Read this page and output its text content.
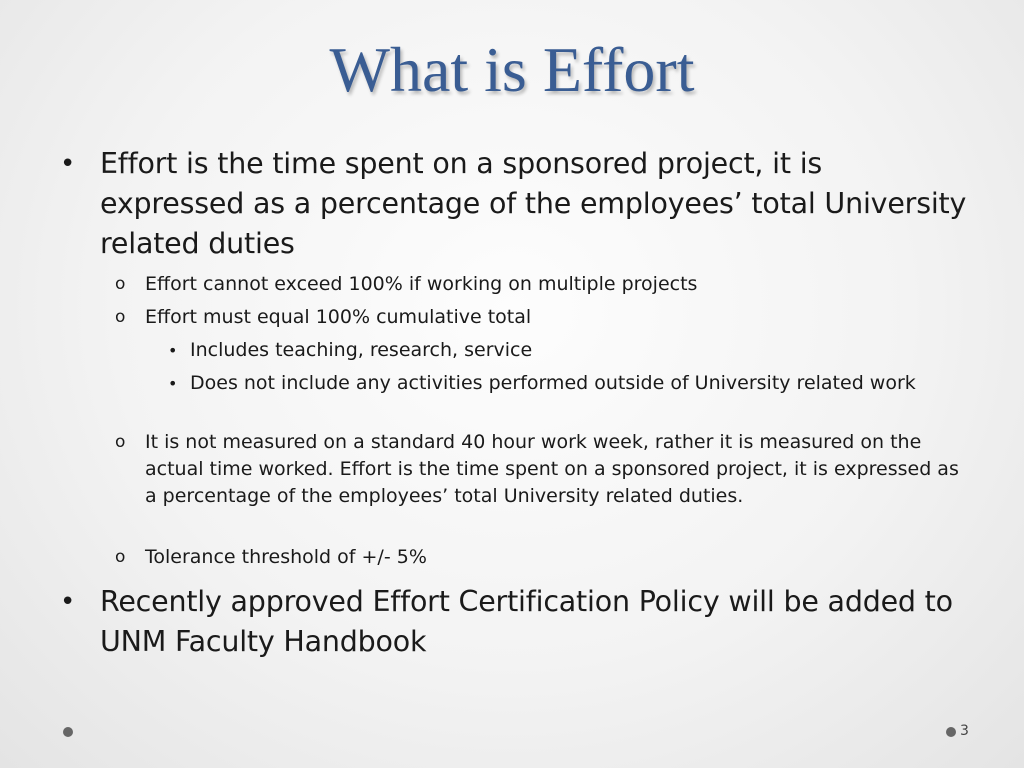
What is Effort
• Effort is the time spent on a sponsored project, it is expressed as a percentage of the employees’ total University related duties
o Effort cannot exceed 100% if working on multiple projects
o Effort must equal 100% cumulative total
• Includes teaching, research, service
• Does not include any activities performed outside of University related work
o It is not measured on a standard 40 hour work week, rather it is measured on the actual time worked. Effort is the time spent on a sponsored project, it is expressed as a percentage of the employees’ total University related duties.
o Tolerance threshold of +/- 5%
• Recently approved Effort Certification Policy will be added to UNM Faculty Handbook
3
